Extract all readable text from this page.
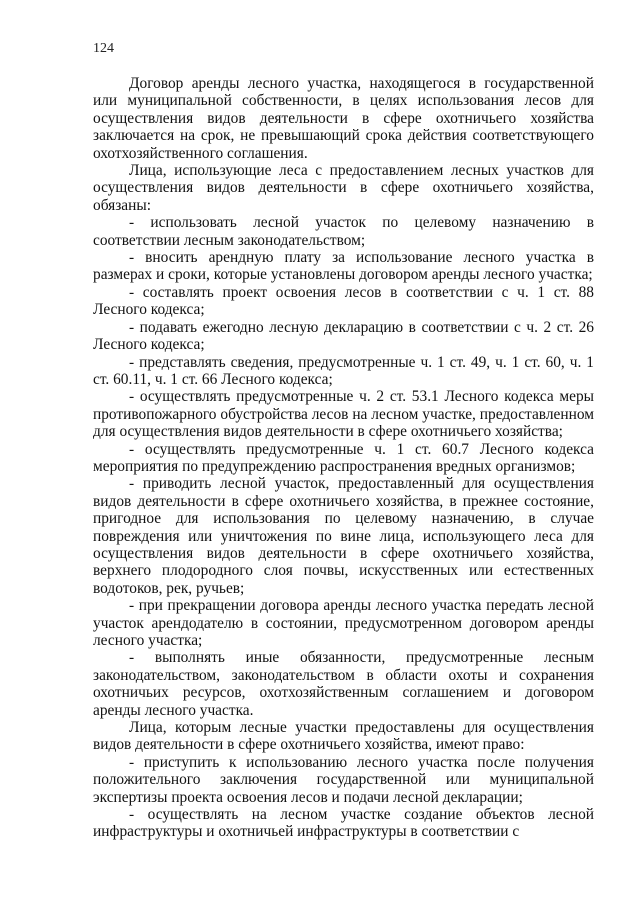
124

Договор аренды лесного участка, находящегося в государственной или муниципальной собственности, в целях использования лесов для осуществления видов деятельности в сфере охотничьего хозяйства заключается на срок, не превышающий срока действия соответствующего охотхозяйственного соглашения.

Лица, использующие леса с предоставлением лесных участков для осуществления видов деятельности в сфере охотничьего хозяйства, обязаны:

- использовать лесной участок по целевому назначению в соответствии лесным законодательством;

- вносить арендную плату за использование лесного участка в размерах и сроки, которые установлены договором аренды лесного участка;

- составлять проект освоения лесов в соответствии с ч. 1 ст. 88 Лесного кодекса;

- подавать ежегодно лесную декларацию в соответствии с ч. 2 ст. 26 Лесного кодекса;

- представлять сведения, предусмотренные ч. 1 ст. 49, ч. 1 ст. 60, ч. 1 ст. 60.11, ч. 1 ст. 66 Лесного кодекса;

- осуществлять предусмотренные ч. 2 ст. 53.1 Лесного кодекса меры противопожарного обустройства лесов на лесном участке, предоставленном для осуществления видов деятельности в сфере охотничьего хозяйства;

- осуществлять предусмотренные ч. 1 ст. 60.7 Лесного кодекса мероприятия по предупреждению распространения вредных организмов;

- приводить лесной участок, предоставленный для осуществления видов деятельности в сфере охотничьего хозяйства, в прежнее состояние, пригодное для использования по целевому назначению, в случае повреждения или уничтожения по вине лица, использующего леса для осуществления видов деятельности в сфере охотничьего хозяйства, верхнего плодородного слоя почвы, искусственных или естественных водотоков, рек, ручьев;

- при прекращении договора аренды лесного участка передать лесной участок арендодателю в состоянии, предусмотренном договором аренды лесного участка;

- выполнять иные обязанности, предусмотренные лесным законодательством, законодательством в области охоты и сохранения охотничьих ресурсов, охотхозяйственным соглашением и договором аренды лесного участка.

Лица, которым лесные участки предоставлены для осуществления видов деятельности в сфере охотничьего хозяйства, имеют право:

- приступить к использованию лесного участка после получения положительного заключения государственной или муниципальной экспертизы проекта освоения лесов и подачи лесной декларации;

- осуществлять на лесном участке создание объектов лесной инфраструктуры и охотничьей инфраструктуры в соответствии с
